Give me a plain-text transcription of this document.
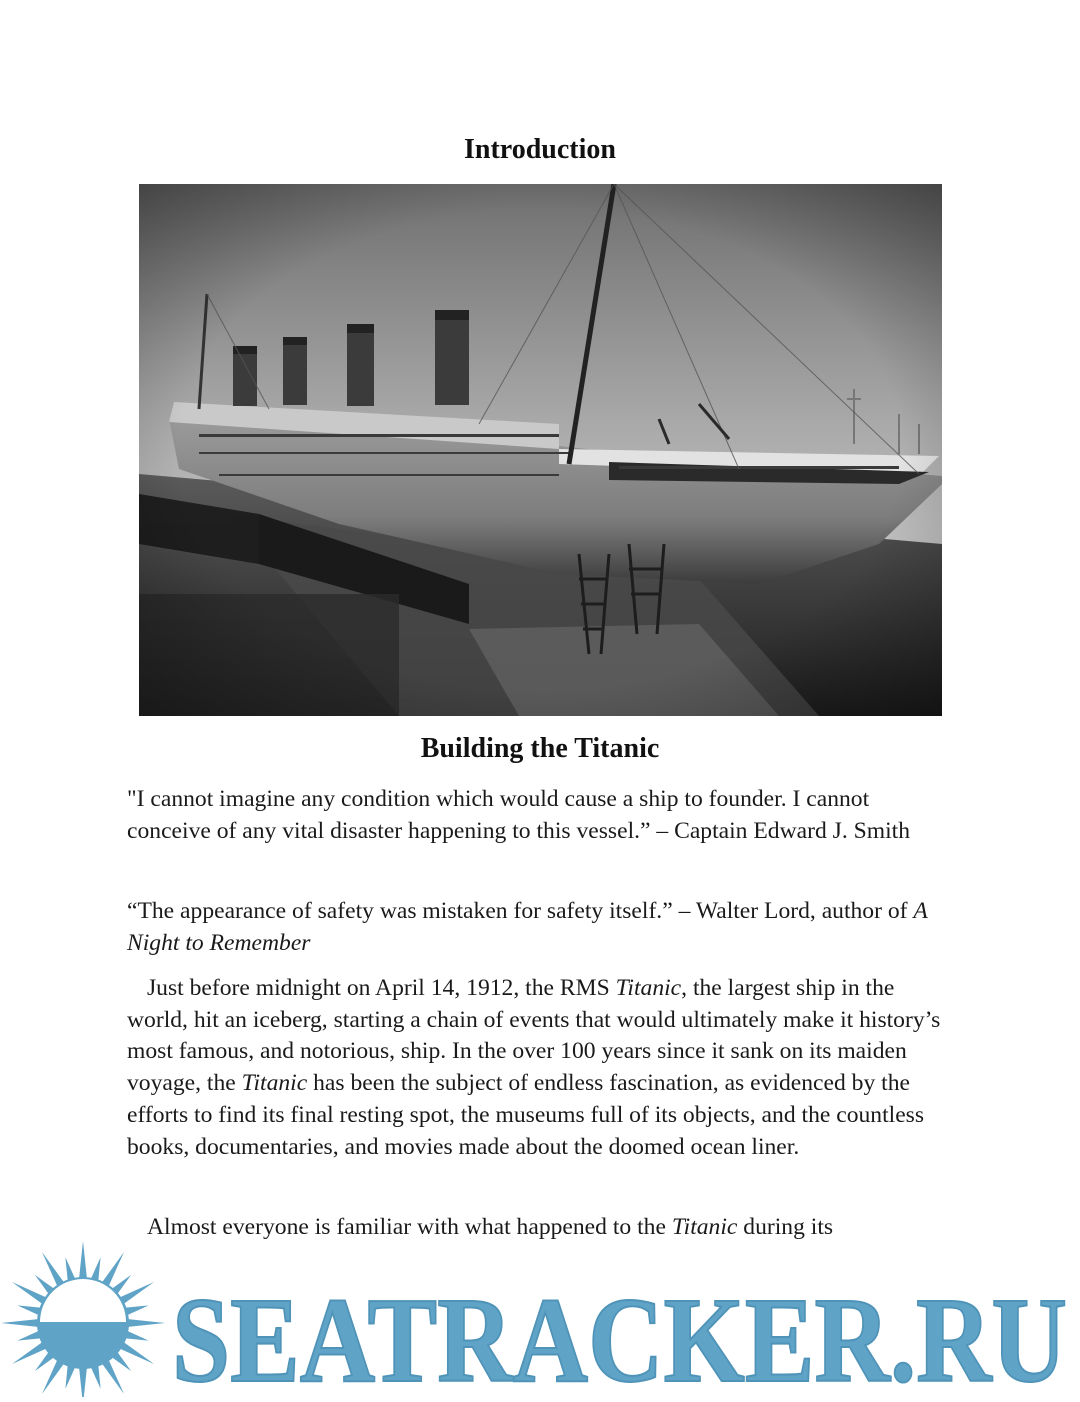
Introduction
Building the Titanic

"I cannot imagine any condition which would cause a ship to founder. I cannot conceive of any vital disaster happening to this vessel.” – Captain Edward J. Smith

“The appearance of safety was mistaken for safety itself.” – Walter Lord, author of A Night to Remember

Just before midnight on April 14, 1912, the RMS Titanic, the largest ship in the world, hit an iceberg, starting a chain of events that would ultimately make it history’s most famous, and notorious, ship. In the over 100 years since it sank on its maiden voyage, the Titanic has been the subject of endless fascination, as evidenced by the efforts to find its final resting spot, the museums full of its objects, and the countless books, documentaries, and movies made about the doomed ocean liner.

Almost everyone is familiar with what happened to the Titanic during its

SEATRACKER.RU
